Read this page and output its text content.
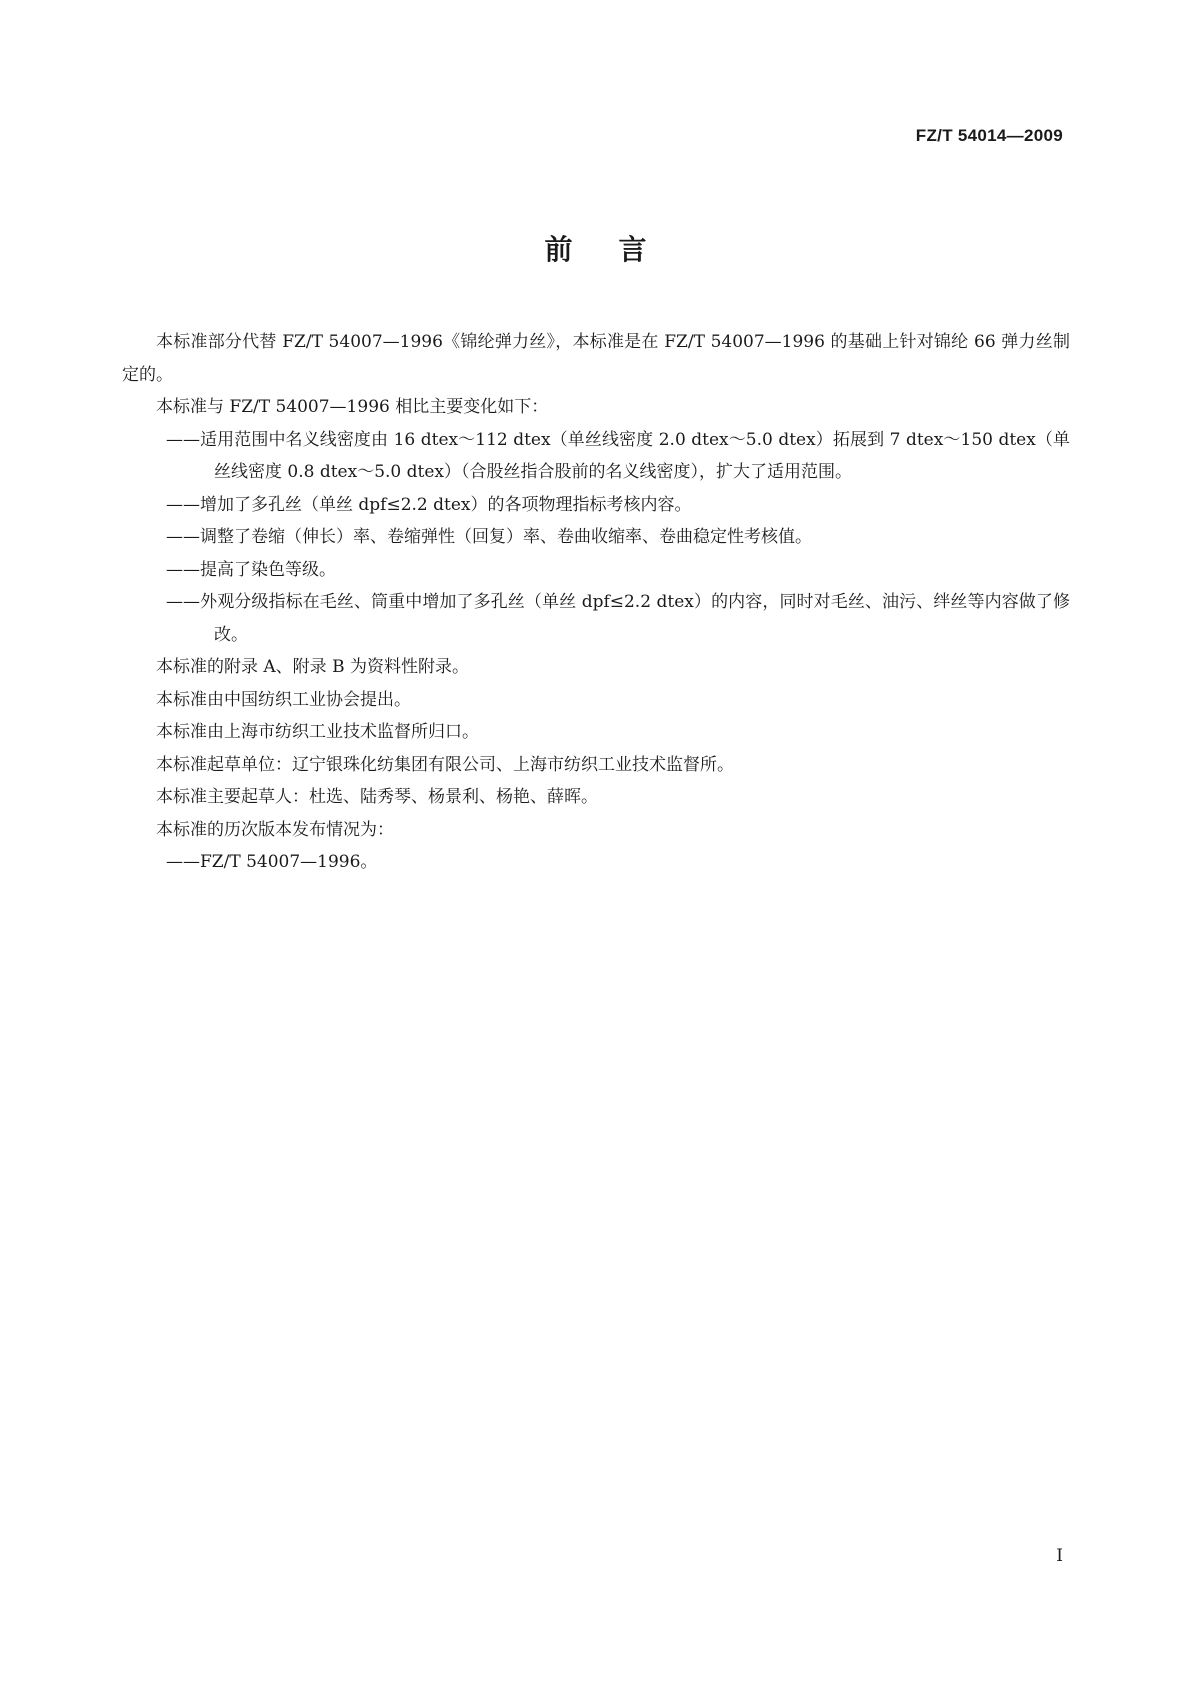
FZ/T 54014—2009
前言

本标准部分代替 FZ/T 54007—1996《锦纶弹力丝》，本标准是在 FZ/T 54007—1996 的基础上针对锦纶 66 弹力丝制定的。

本标准与 FZ/T 54007—1996 相比主要变化如下：

——适用范围中名义线密度由 16 dtex～112 dtex（单丝线密度 2.0 dtex～5.0 dtex）拓展到 7 dtex～150 dtex（单丝线密度 0.8 dtex～5.0 dtex）（合股丝指合股前的名义线密度），扩大了适用范围。

——增加了多孔丝（单丝 dpf≤2.2 dtex）的各项物理指标考核内容。

——调整了卷缩（伸长）率、卷缩弹性（回复）率、卷曲收缩率、卷曲稳定性考核值。

——提高了染色等级。

——外观分级指标在毛丝、筒重中增加了多孔丝（单丝 dpf≤2.2 dtex）的内容，同时对毛丝、油污、绊丝等内容做了修改。

本标准的附录 A、附录 B 为资料性附录。

本标准由中国纺织工业协会提出。

本标准由上海市纺织工业技术监督所归口。

本标准起草单位：辽宁银珠化纺集团有限公司、上海市纺织工业技术监督所。

本标准主要起草人：杜选、陆秀琴、杨景利、杨艳、薛晖。

本标准的历次版本发布情况为：

——FZ/T 54007—1996。

I
